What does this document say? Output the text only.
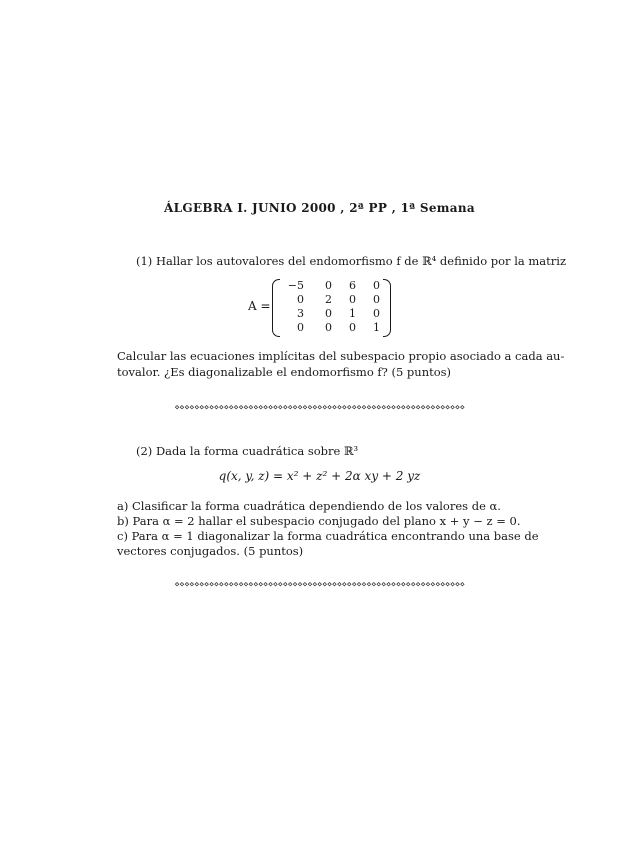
ÁLGEBRA I. JUNIO 2000 , 2ª PP , 1ª Semana
(1) Hallar los autovalores del endomorfismo f de ℝ⁴ definido por la matriz
A =
−5	0	6	0
0	2	0	0
3	0	1	0
0	0	0	1
Calcular las ecuaciones implícitas del subespacio propio asociado a cada au-
tovalor. ¿Es diagonalizable el endomorfismo f? (5 puntos)
⋄⋄⋄⋄⋄⋄⋄⋄⋄⋄⋄⋄⋄⋄⋄⋄⋄⋄⋄⋄⋄⋄⋄⋄⋄⋄⋄⋄⋄⋄⋄⋄⋄⋄⋄⋄⋄⋄⋄⋄⋄⋄⋄⋄⋄⋄⋄⋄⋄⋄⋄⋄⋄⋄⋄⋄⋄⋄⋄
(2) Dada la forma cuadrática sobre ℝ³
q(x, y, z) = x² + z² + 2α xy + 2 yz
a) Clasificar la forma cuadrática dependiendo de los valores de α.
b) Para α = 2 hallar el subespacio conjugado del plano x + y − z = 0.
c) Para α = 1 diagonalizar la forma cuadrática encontrando una base de
vectores conjugados. (5 puntos)
⋄⋄⋄⋄⋄⋄⋄⋄⋄⋄⋄⋄⋄⋄⋄⋄⋄⋄⋄⋄⋄⋄⋄⋄⋄⋄⋄⋄⋄⋄⋄⋄⋄⋄⋄⋄⋄⋄⋄⋄⋄⋄⋄⋄⋄⋄⋄⋄⋄⋄⋄⋄⋄⋄⋄⋄⋄⋄⋄
